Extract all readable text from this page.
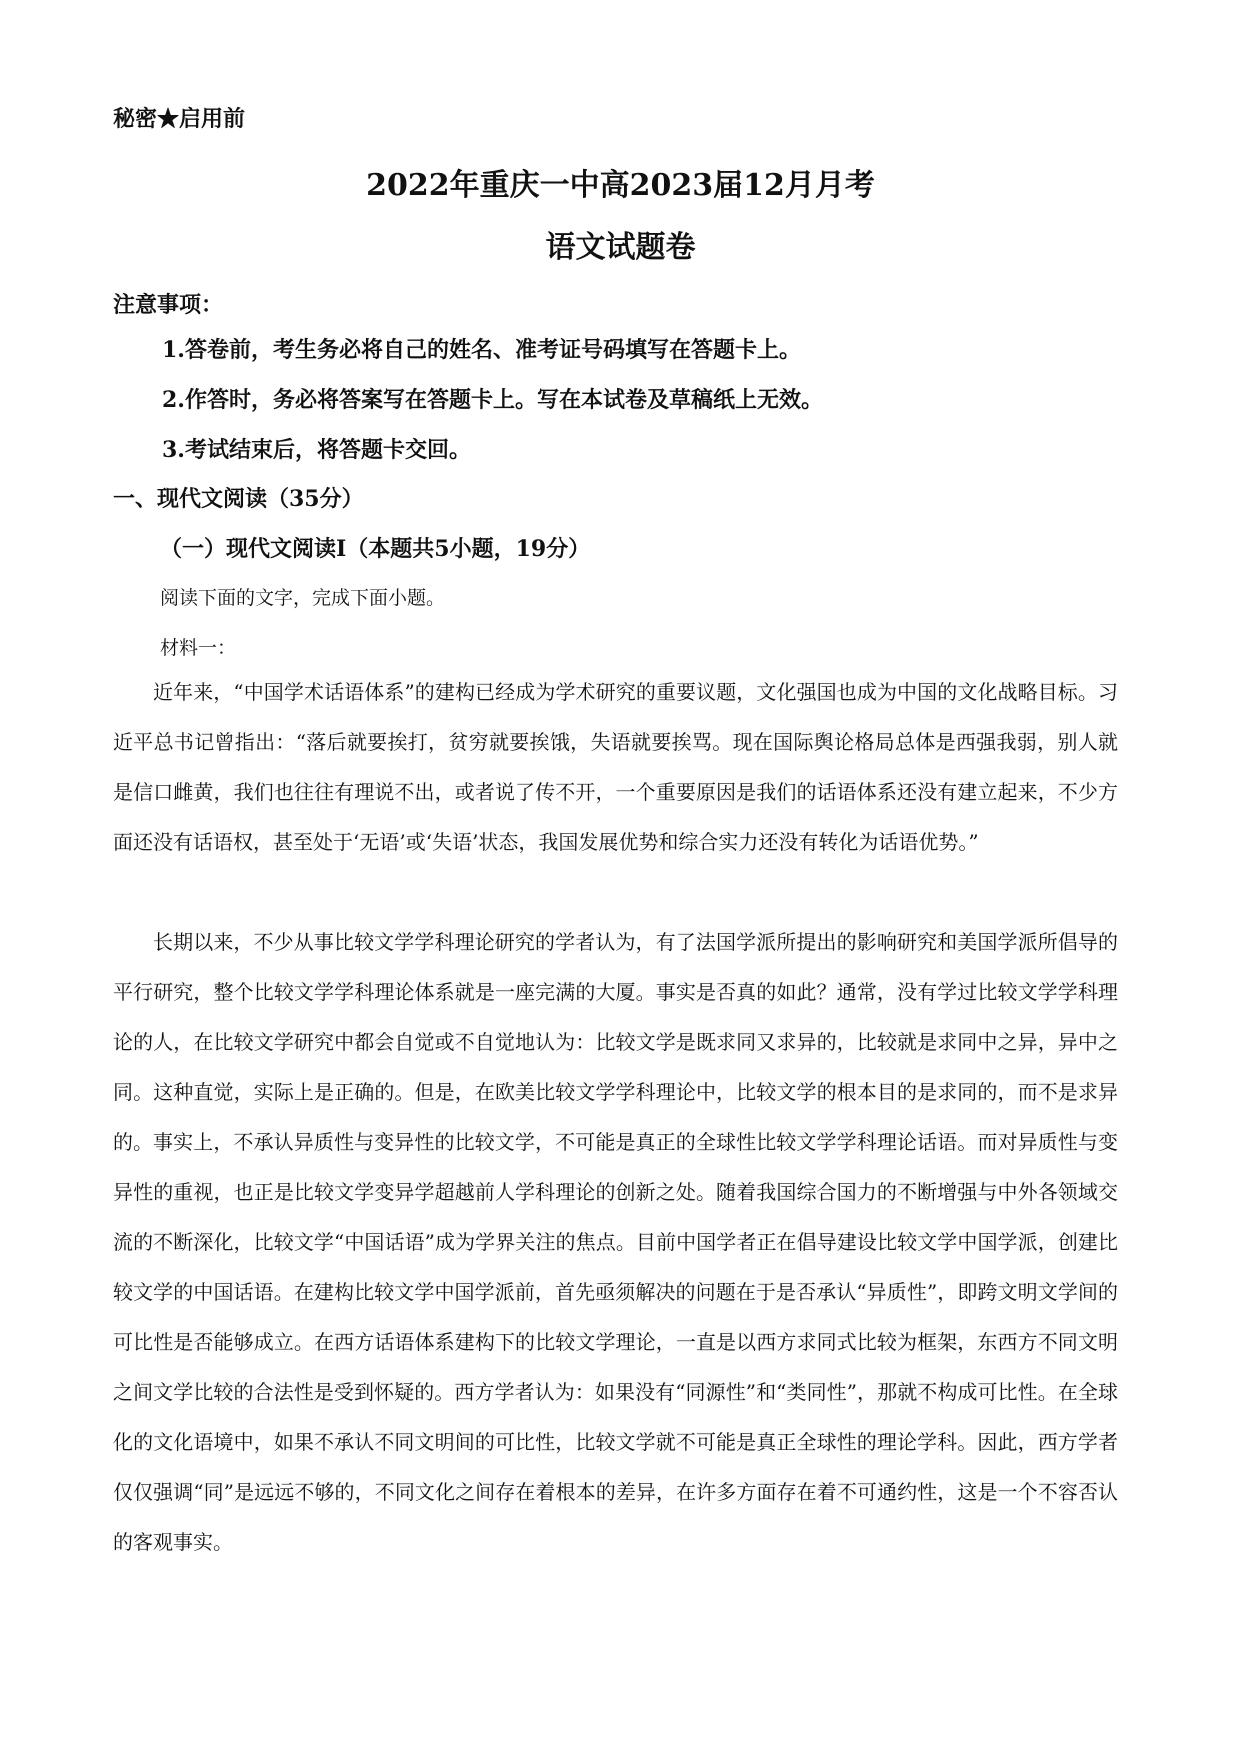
秘密★启用前
2022年重庆一中高2023届12月月考
语文试题卷
注意事项：
1.答卷前，考生务必将自己的姓名、准考证号码填写在答题卡上。
2.作答时，务必将答案写在答题卡上。写在本试卷及草稿纸上无效。
3.考试结束后，将答题卡交回。
一、现代文阅读（35分）
（一）现代文阅读Ⅰ（本题共5小题，19分）
阅读下面的文字，完成下面小题。
材料一：

近年来，“中国学术话语体系”的建构已经成为学术研究的重要议题，文化强国也成为中国的文化战略目标。习近平总书记曾指出：“落后就要挨打，贫穷就要挨饿，失语就要挨骂。现在国际舆论格局总体是西强我弱，别人就是信口雌黄，我们也往往有理说不出，或者说了传不开，一个重要原因是我们的话语体系还没有建立起来，不少方面还没有话语权，甚至处于‘无语’或‘失语’状态，我国发展优势和综合实力还没有转化为话语优势。”

长期以来，不少从事比较文学学科理论研究的学者认为，有了法国学派所提出的影响研究和美国学派所倡导的平行研究，整个比较文学学科理论体系就是一座完满的大厦。事实是否真的如此？通常，没有学过比较文学学科理论的人，在比较文学研究中都会自觉或不自觉地认为：比较文学是既求同又求异的，比较就是求同中之异，异中之同。这种直觉，实际上是正确的。但是，在欧美比较文学学科理论中，比较文学的根本目的是求同的，而不是求异的。 事实上，不承认异质性与变异性的比较文学，不可能是真正的全球性比较文学学科理论话语。而对异质性与变异性的重视，也正是比较文学变异学超越前人学科理论的创新之处。随着我国综合国力的不断增强与中外各领域交流的不断深化，比较文学“中国话语”成为学界关注的焦点。目前中国学者正在倡导建设比较文学中国学派，创建比较文学的中国话语。在建构比较文学中国学派前，首先亟须解决的问题在于是否承认“异质性”，即跨文明文学间的可比性是否能够成立。在西方话语体系建构下的比较文学理论，一直是以西方求同式比较为框架，东西方不同文明之间文学比较的合法性是受到怀疑的。西方学者认为：如果没有“同源性”和“类同性”，那就不构成可比性。在全球化的文化语境中，如果不承认不同文明间的可比性，比较文学就不可能是真正全球性的理论学科。因此，西方学者仅仅强调“同”是远远不够的，不同文化之间存在着根本的差异，在许多方面存在着不可通约性，这是一个不容否认的客观事实。
